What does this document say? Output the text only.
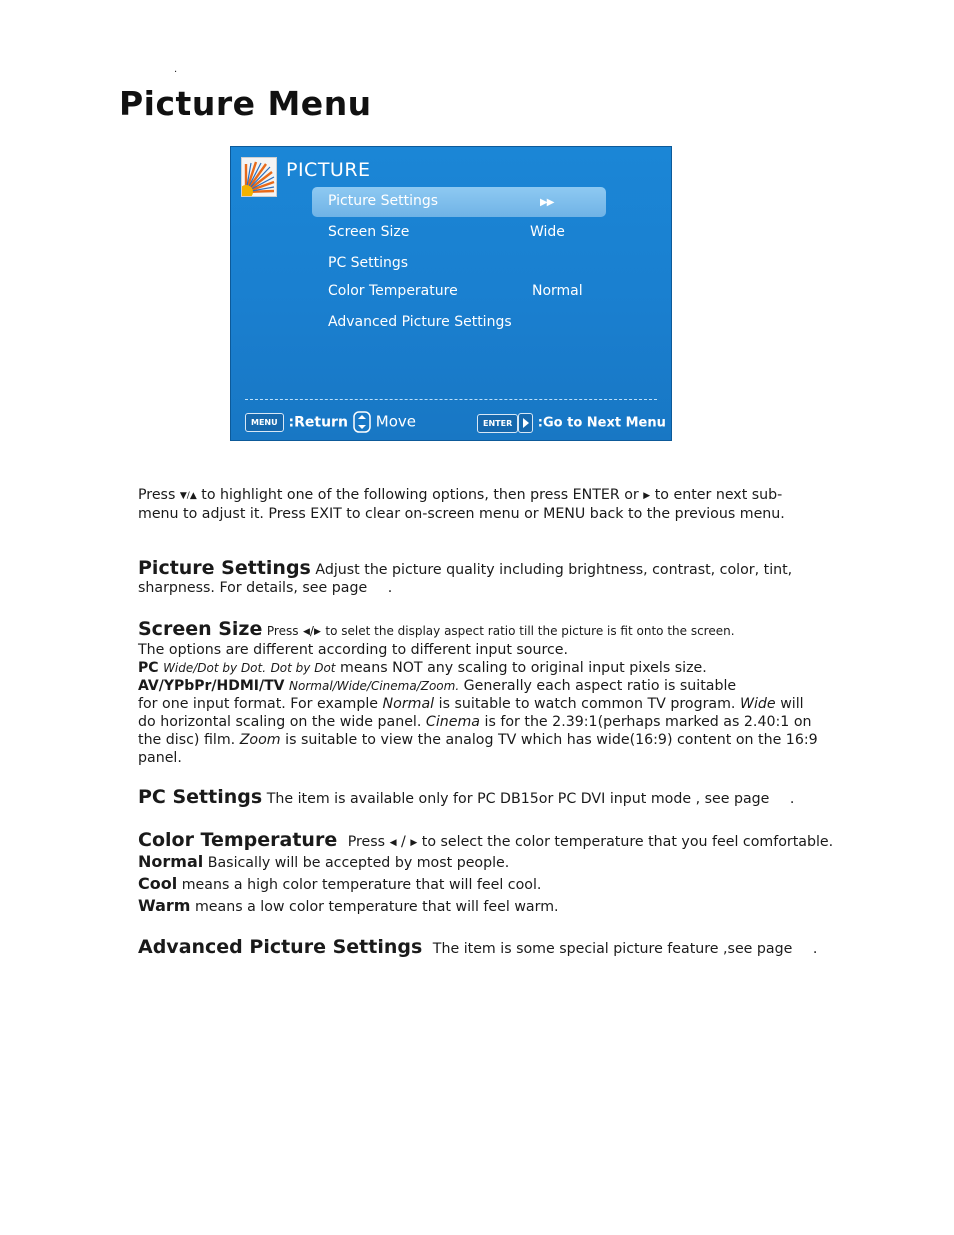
.
Picture Menu
PICTURE
Picture Settings	▶▶
Screen Size	Wide
PC Settings
Color Temperature	Normal
Advanced Picture Settings
MENU :Return	Move	ENTER :Go to Next Menu
Press ▼/▲ to highlight one of the following options, then press ENTER or ▶ to enter next sub-
menu to adjust it. Press EXIT to clear on-screen menu or MENU back to the previous menu.
Picture Settings Adjust the picture quality including brightness, contrast, color, tint,
sharpness. For details, see page .
Screen Size Press ◀/▶ to selet the display aspect ratio till the picture is fit onto the screen.
The options are different according to different input source.
PC Wide/Dot by Dot. Dot by Dot means NOT any scaling to original input pixels size.
AV/YPbPr/HDMI/TV Normal/Wide/Cinema/Zoom. Generally each aspect ratio is suitable
for one input format. For example Normal is suitable to watch common TV program. Wide will
do horizontal scaling on the wide panel. Cinema is for the 2.39:1(perhaps marked as 2.40:1 on
the disc) film. Zoom is suitable to view the analog TV which has wide(16:9) content on the 16:9
panel.
PC Settings The item is available only for PC DB15or PC DVI input mode , see page .
Color Temperature Press ◀ / ▶ to select the color temperature that you feel comfortable.
Normal Basically will be accepted by most people.
Cool means a high color temperature that will feel cool.
Warm means a low color temperature that will feel warm.
Advanced Picture Settings The item is some special picture feature ,see page .
